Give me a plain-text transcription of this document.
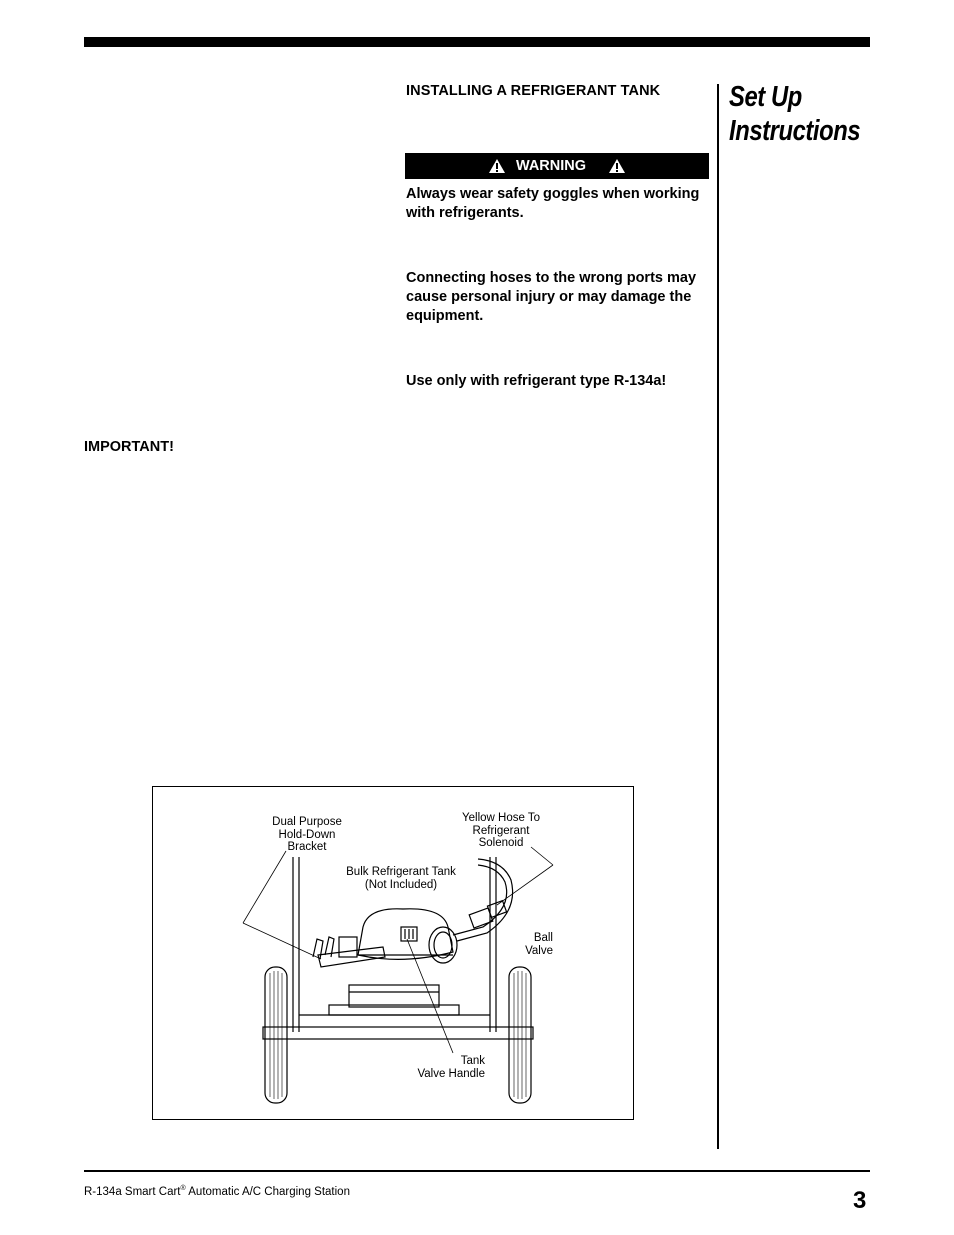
INSTALLING A REFRIGERANT TANK Set Up Instructions
WARNING

Always wear safety goggles when working with refrigerants.

Connecting hoses to the wrong ports may cause personal injury or may damage the equipment.

Use only with refrigerant type R-134a!

IMPORTANT!

Dual Purpose
Hold-Down
Bracket
Yellow Hose To
Refrigerant
Solenoid
Bulk Refrigerant Tank
(Not Included)
Ball
Valve
Tank
Valve Handle
R-134a Smart Cart® Automatic A/C Charging Station	3
